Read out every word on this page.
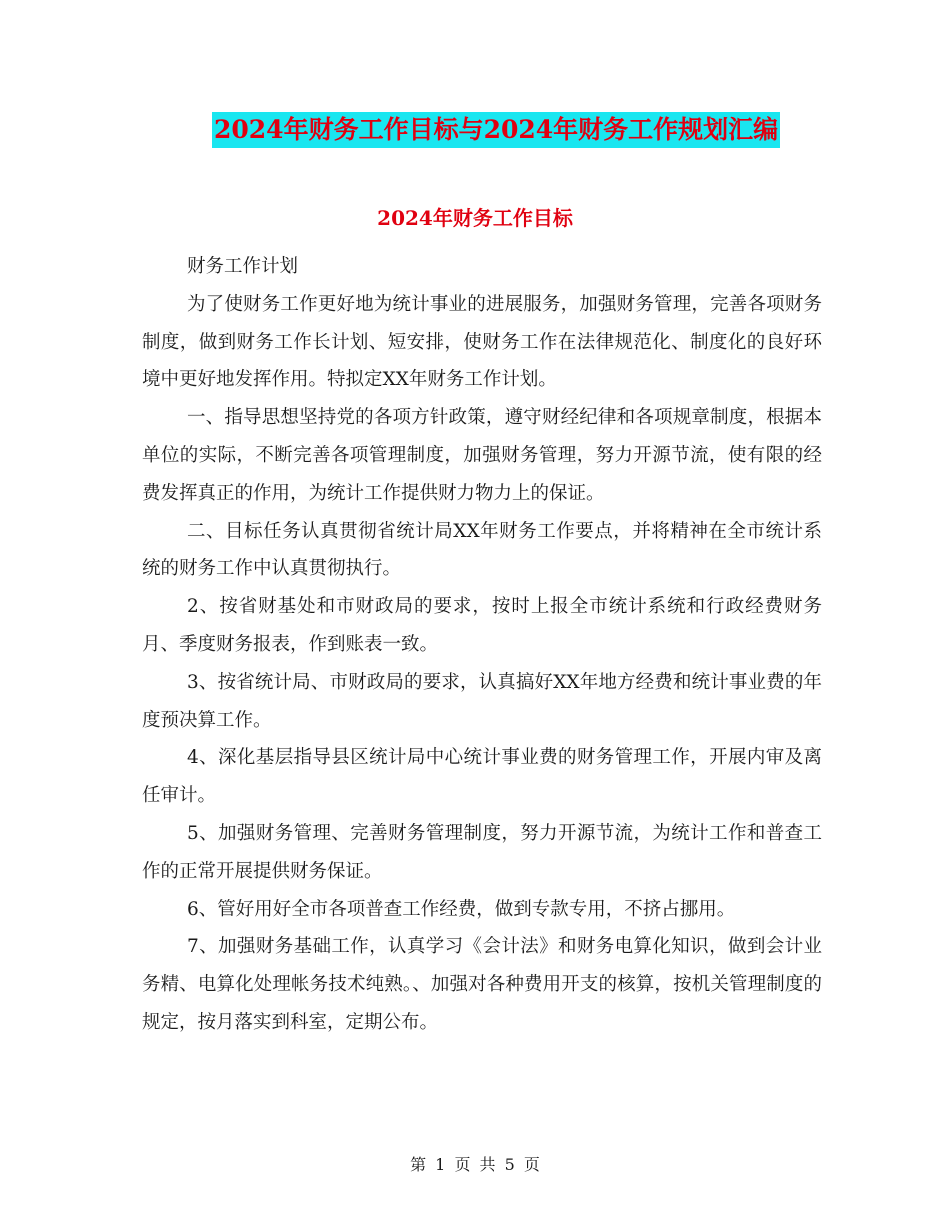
2024年财务工作目标与2024年财务工作规划汇编
2024年财务工作目标

财务工作计划

为了使财务工作更好地为统计事业的进展服务，加强财务管理，完善各项财务制度，做到财务工作长计划、短安排，使财务工作在法律规范化、制度化的良好环境中更好地发挥作用。特拟定XX年财务工作计划。

一、指导思想坚持党的各项方针政策，遵守财经纪律和各项规章制度，根据本单位的实际，不断完善各项管理制度，加强财务管理，努力开源节流，使有限的经费发挥真正的作用，为统计工作提供财力物力上的保证。

二、目标任务认真贯彻省统计局XX年财务工作要点，并将精神在全市统计系统的财务工作中认真贯彻执行。

2、按省财基处和市财政局的要求，按时上报全市统计系统和行政经费财务月、季度财务报表，作到账表一致。

3、按省统计局、市财政局的要求，认真搞好XX年地方经费和统计事业费的年度预决算工作。

4、深化基层指导县区统计局中心统计事业费的财务管理工作，开展内审及离任审计。

5、加强财务管理、完善财务管理制度，努力开源节流，为统计工作和普查工作的正常开展提供财务保证。

6、管好用好全市各项普查工作经费，做到专款专用，不挤占挪用。

7、加强财务基础工作，认真学习《会计法》和财务电算化知识，做到会计业务精、电算化处理帐务技术纯熟。、加强对各种费用开支的核算，按机关管理制度的规定，按月落实到科室，定期公布。

第 1 页 共 5 页
